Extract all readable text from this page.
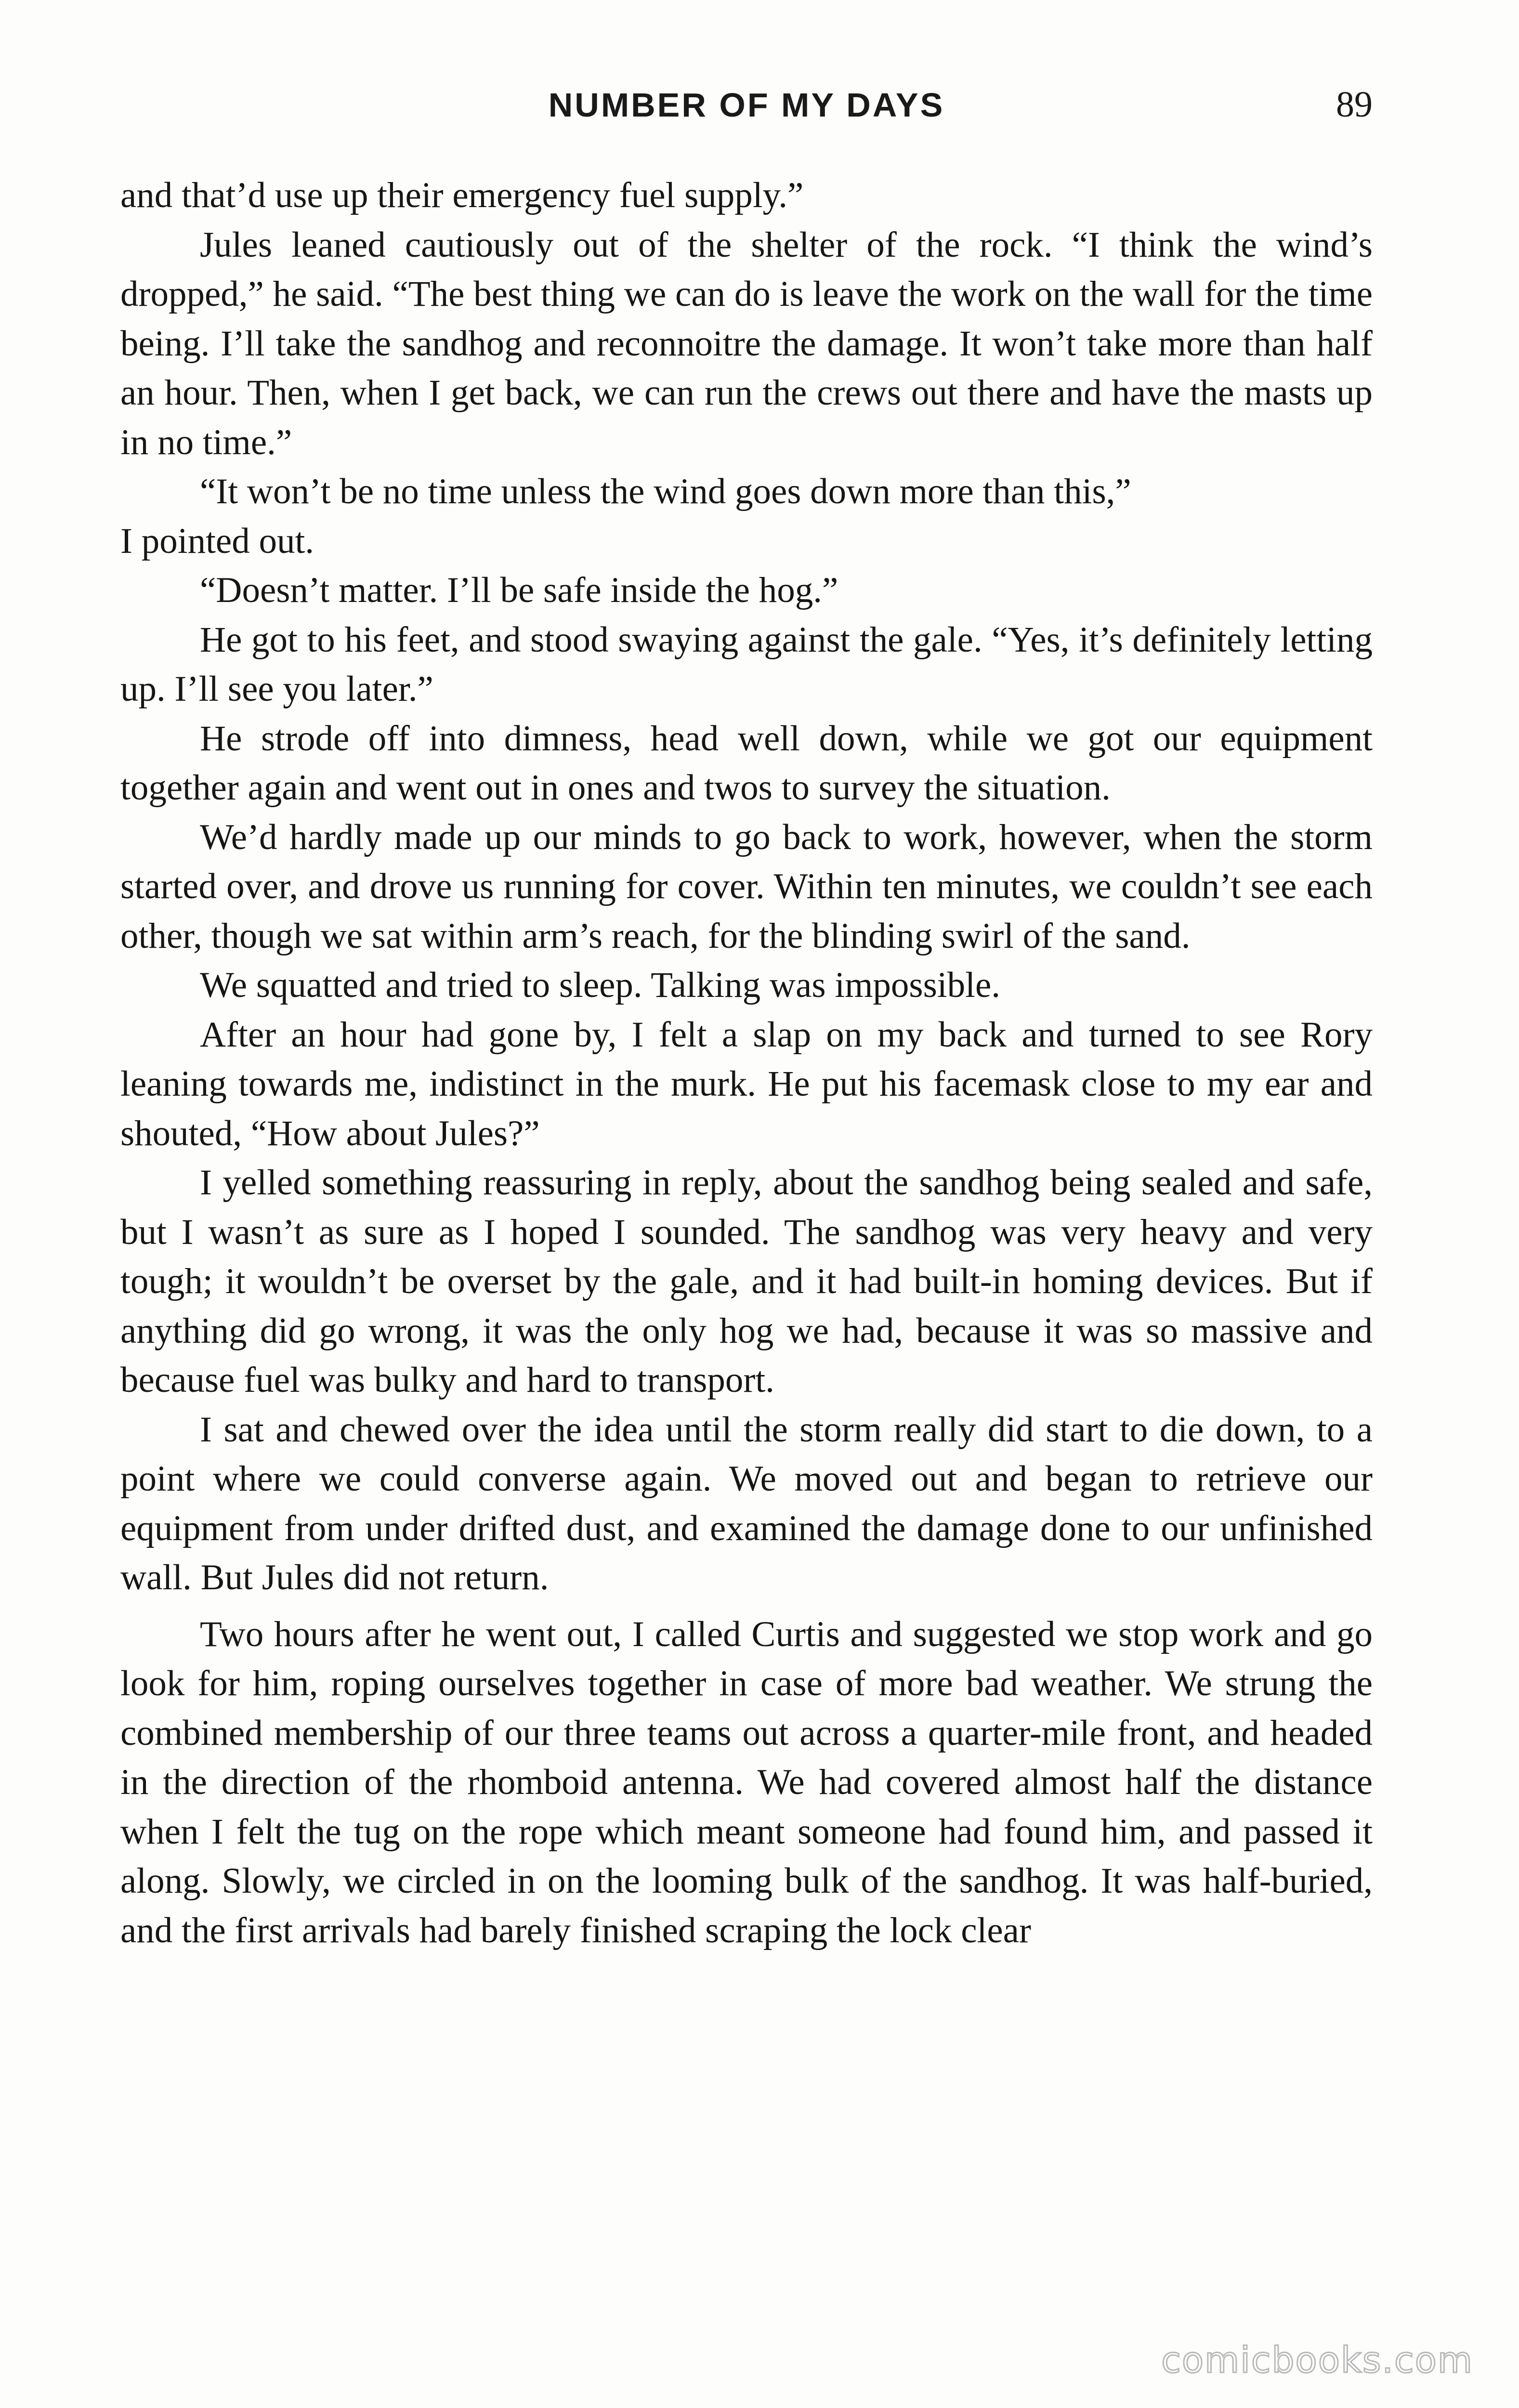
NUMBER OF MY DAYS	89

and that’d use up their emergency fuel supply.”

Jules leaned cautiously out of the shelter of the rock. “I think the wind’s dropped,” he said. “The best thing we can do is leave the work on the wall for the time being. I’ll take the sandhog and reconnoitre the damage. It won’t take more than half an hour. Then, when I get back, we can run the crews out there and have the masts up in no time.”

“It won’t be no time unless the wind goes down more than this,”

I pointed out.

“Doesn’t matter. I’ll be safe inside the hog.”

He got to his feet, and stood swaying against the gale. “Yes, it’s definitely letting up. I’ll see you later.”

He strode off into dimness, head well down, while we got our equipment together again and went out in ones and twos to survey the situation.

We’d hardly made up our minds to go back to work, however, when the storm started over, and drove us running for cover. Within ten minutes, we couldn’t see each other, though we sat within arm’s reach, for the blinding swirl of the sand.

We squatted and tried to sleep. Talking was impossible.

After an hour had gone by, I felt a slap on my back and turned to see Rory leaning towards me, indistinct in the murk. He put his facemask close to my ear and shouted, “How about Jules?”

I yelled something reassuring in reply, about the sandhog being sealed and safe, but I wasn’t as sure as I hoped I sounded. The sandhog was very heavy and very tough; it wouldn’t be overset by the gale, and it had built-in homing devices. But if anything did go wrong, it was the only hog we had, because it was so massive and because fuel was bulky and hard to transport.

I sat and chewed over the idea until the storm really did start to die down, to a point where we could converse again. We moved out and began to retrieve our equipment from under drifted dust, and examined the damage done to our unfinished wall. But Jules did not return.

Two hours after he went out, I called Curtis and suggested we stop work and go look for him, roping ourselves together in case of more bad weather. We strung the combined membership of our three teams out across a quarter-mile front, and headed in the direction of the rhomboid antenna. We had covered almost half the distance when I felt the tug on the rope which meant someone had found him, and passed it along. Slowly, we circled in on the looming bulk of the sandhog. It was half-buried, and the first arrivals had barely finished scraping the lock clear

comicbooks.com
